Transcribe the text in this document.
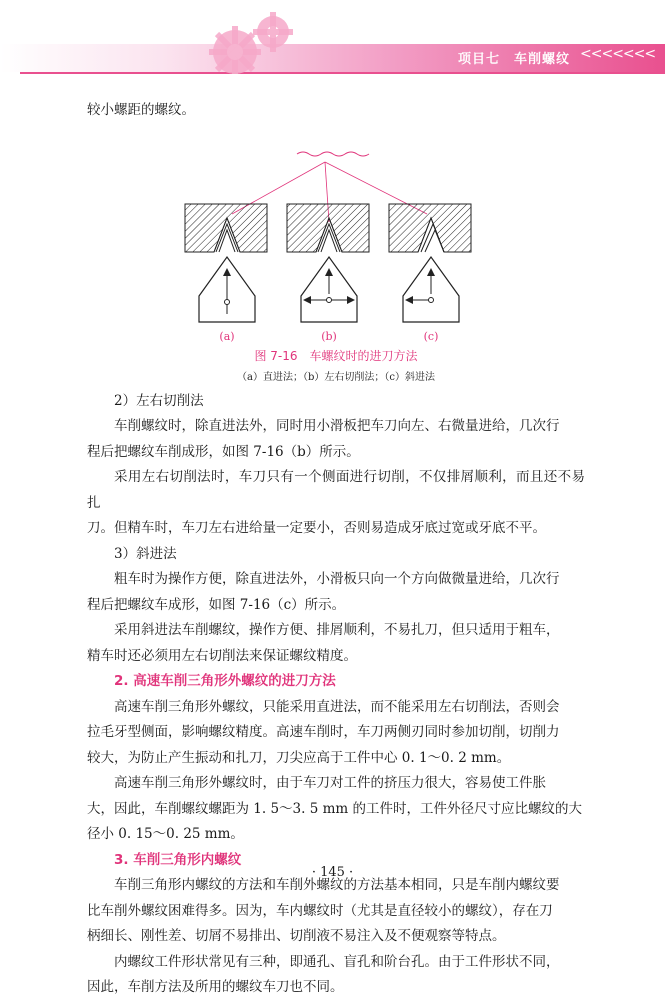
项目七　车削螺纹 <<<<<<<

较小螺距的螺纹。

(a)	(b)	(c)
图 7-16　车螺纹时的进刀方法
（a）直进法；（b）左右切削法；（c）斜进法

2）左右切削法

车削螺纹时，除直进法外，同时用小滑板把车刀向左、右微量进给，几次行

程后把螺纹车削成形，如图 7-16（b）所示。

采用左右切削法时，车刀只有一个侧面进行切削，不仅排屑顺利，而且还不易扎

刀。但精车时，车刀左右进给量一定要小，否则易造成牙底过宽或牙底不平。

3）斜进法

粗车时为操作方便，除直进法外，小滑板只向一个方向做微量进给，几次行

程后把螺纹车成形，如图 7-16（c）所示。

采用斜进法车削螺纹，操作方便、排屑顺利，不易扎刀，但只适用于粗车，

精车时还必须用左右切削法来保证螺纹精度。

2. 高速车削三角形外螺纹的进刀方法

高速车削三角形外螺纹，只能采用直进法，而不能采用左右切削法，否则会

拉毛牙型侧面，影响螺纹精度。高速车削时，车刀两侧刃同时参加切削，切削力

较大，为防止产生振动和扎刀，刀尖应高于工件中心 0. 1～0. 2 mm。

高速车削三角形外螺纹时，由于车刀对工件的挤压力很大，容易使工件胀

大，因此，车削螺纹螺距为 1. 5～3. 5 mm 的工件时，工件外径尺寸应比螺纹的大

径小 0. 15～0. 25 mm。

3. 车削三角形内螺纹

车削三角形内螺纹的方法和车削外螺纹的方法基本相同，只是车削内螺纹要

比车削外螺纹困难得多。因为，车内螺纹时（尤其是直径较小的螺纹），存在刀

柄细长、刚性差、切屑不易排出、切削液不易注入及不便观察等特点。

内螺纹工件形状常见有三种，即通孔、盲孔和阶台孔。由于工件形状不同，

因此，车削方法及所用的螺纹车刀也不同。

· 145 ·
